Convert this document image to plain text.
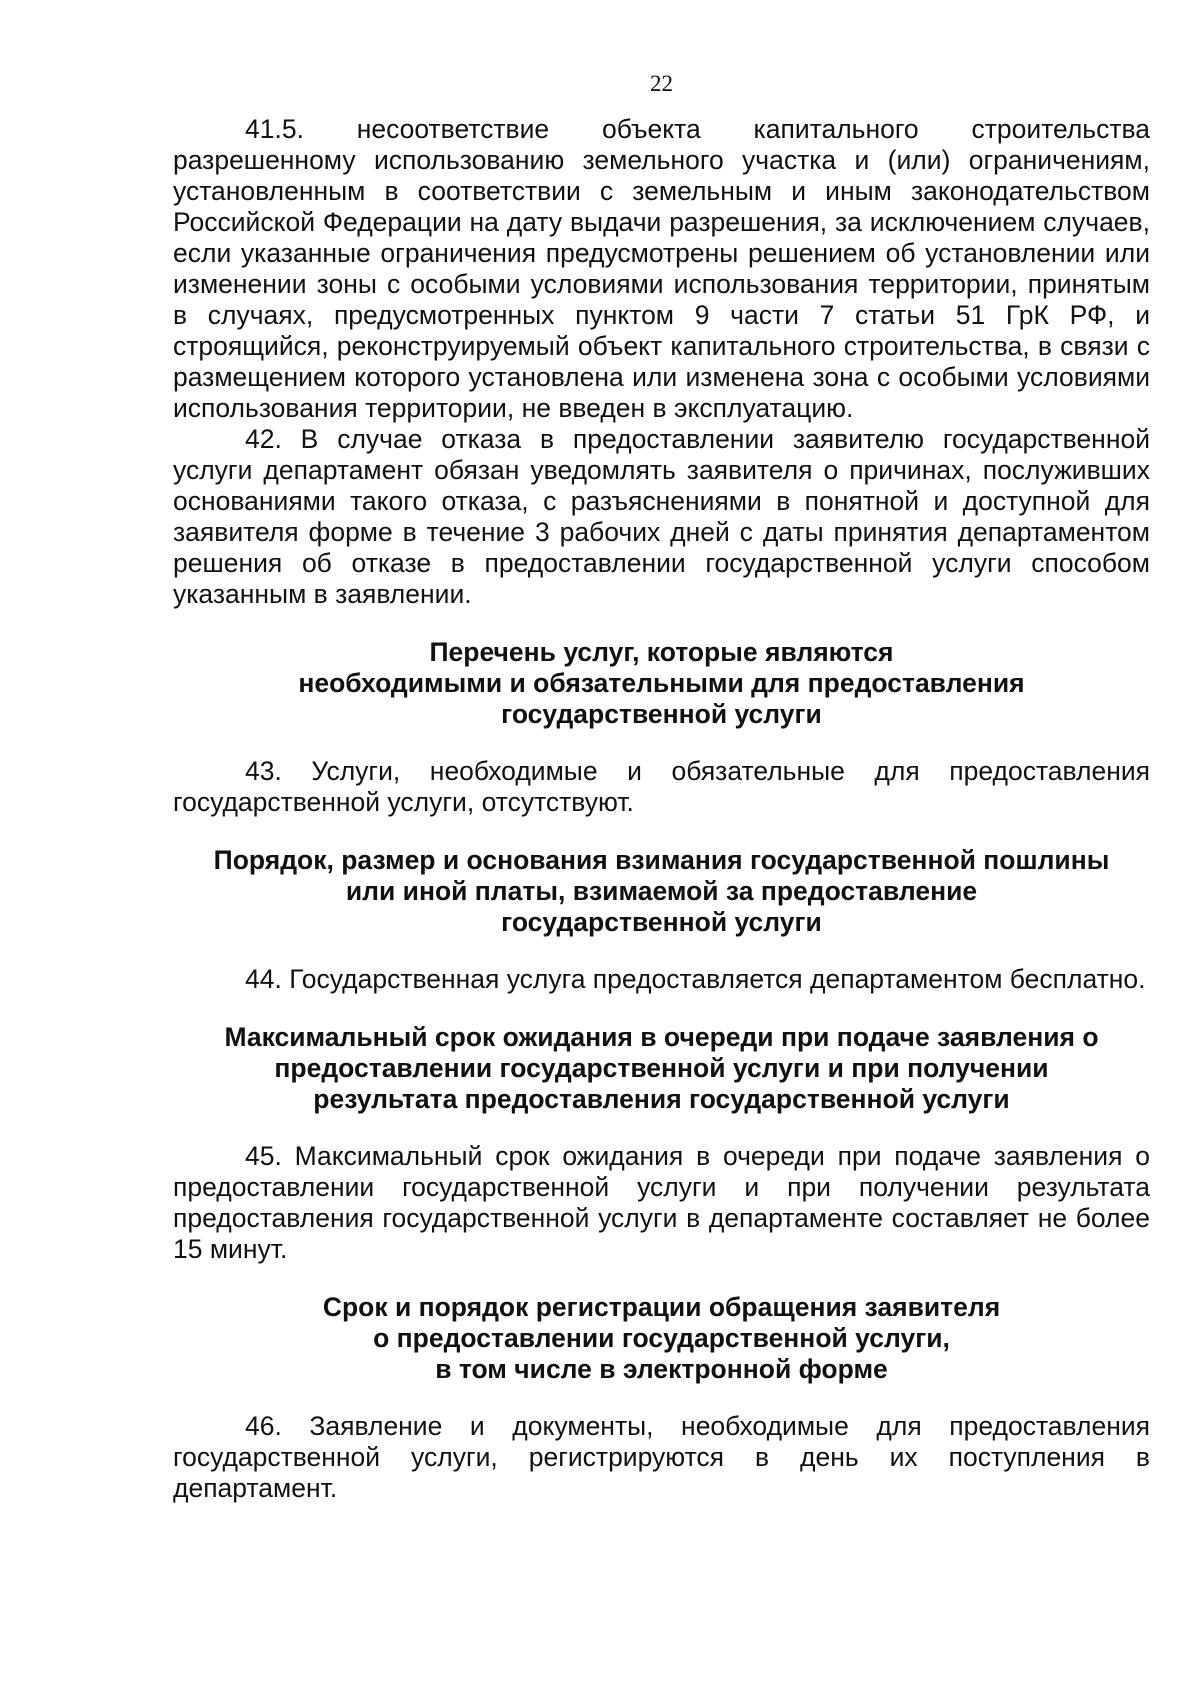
22

41.5. несоответствие объекта капитального строительства разрешенному использованию земельного участка и (или) ограничениям, установленным в соответствии с земельным и иным законодательством Российской Федерации на дату выдачи разрешения, за исключением случаев, если указанные ограничения предусмотрены решением об установлении или изменении зоны с особыми условиями использования территории, принятым в случаях, предусмотренных пунктом 9 части 7 статьи 51 ГрК РФ, и строящийся, реконструируемый объект капитального строительства, в связи с размещением которого установлена или изменена зона с особыми условиями использования территории, не введен в эксплуатацию.

42. В случае отказа в предоставлении заявителю государственной услуги департамент обязан уведомлять заявителя о причинах, послуживших основаниями такого отказа, с разъяснениями в понятной и доступной для заявителя форме в течение 3 рабочих дней с даты принятия департаментом решения об отказе в предоставлении государственной услуги способом указанным в заявлении.

Перечень услуг, которые являются
необходимыми и обязательными для предоставления
государственной услуги

43. Услуги, необходимые и обязательные для предоставления государственной услуги, отсутствуют.

Порядок, размер и основания взимания государственной пошлины
или иной платы, взимаемой за предоставление
государственной услуги

44. Государственная услуга предоставляется департаментом бесплатно.

Максимальный срок ожидания в очереди при подаче заявления о
предоставлении государственной услуги и при получении
результата предоставления государственной услуги

45. Максимальный срок ожидания в очереди при подаче заявления о предоставлении государственной услуги и при получении результата предоставления государственной услуги в департаменте составляет не более 15 минут.

Срок и порядок регистрации обращения заявителя
о предоставлении государственной услуги,
в том числе в электронной форме

46. Заявление и документы, необходимые для предоставления государственной услуги, регистрируются в день их поступления в департамент.
